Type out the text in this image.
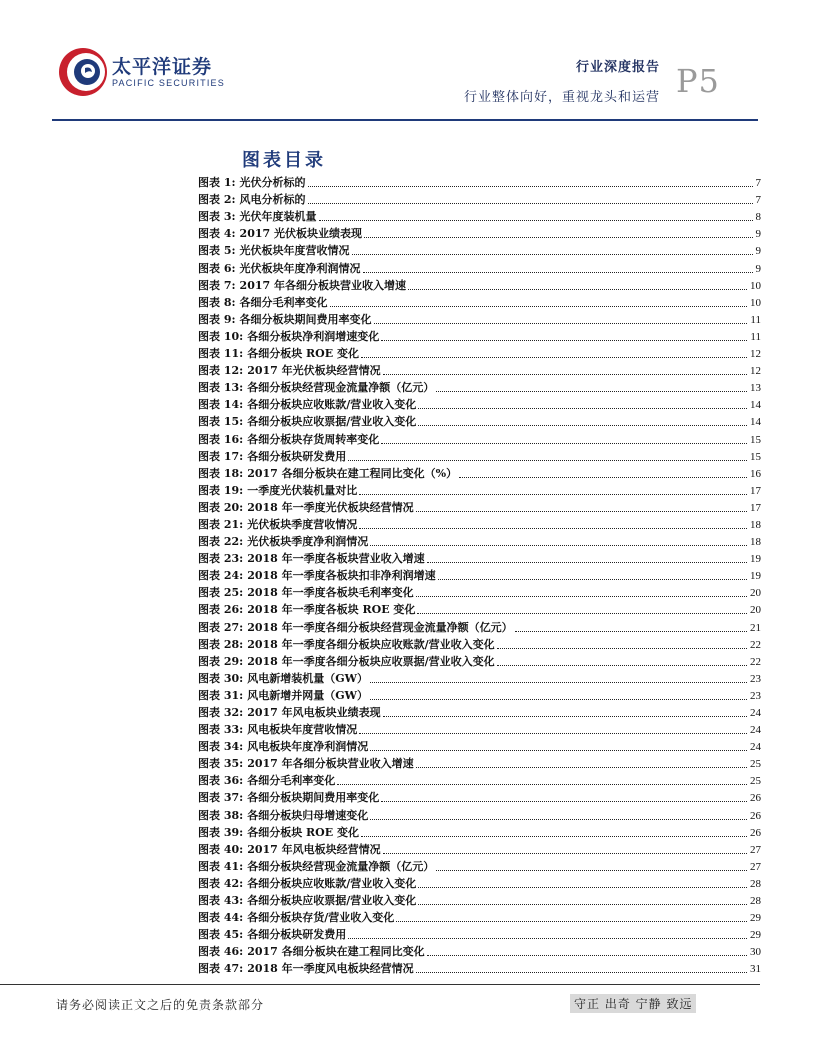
太平洋证券
PACIFIC SECURITIES
行业深度报告
行业整体向好，重视龙头和运营 P5
图表目录
图表 1: 光伏分析标的	7
图表 2: 风电分析标的	7
图表 3: 光伏年度装机量	8
图表 4: 2017 光伏板块业绩表现	9
图表 5: 光伏板块年度营收情况	9
图表 6: 光伏板块年度净利润情况	9
图表 7: 2017 年各细分板块营业收入增速	10
图表 8: 各细分毛利率变化	10
图表 9: 各细分板块期间费用率变化	11
图表 10: 各细分板块净利润增速变化	11
图表 11: 各细分板块 ROE 变化	12
图表 12: 2017 年光伏板块经营情况	12
图表 13: 各细分板块经营现金流量净额（亿元）	13
图表 14: 各细分板块应收账款/营业收入变化	14
图表 15: 各细分板块应收票据/营业收入变化	14
图表 16: 各细分板块存货周转率变化	15
图表 17: 各细分板块研发费用	15
图表 18: 2017 各细分板块在建工程同比变化（%）	16
图表 19: 一季度光伏装机量对比	17
图表 20: 2018 年一季度光伏板块经营情况	17
图表 21: 光伏板块季度营收情况	18
图表 22: 光伏板块季度净利润情况	18
图表 23: 2018 年一季度各板块营业收入增速	19
图表 24: 2018 年一季度各板块扣非净利润增速	19
图表 25: 2018 年一季度各板块毛利率变化	20
图表 26: 2018 年一季度各板块 ROE 变化	20
图表 27: 2018 年一季度各细分板块经营现金流量净额（亿元）	21
图表 28: 2018 年一季度各细分板块应收账款/营业收入变化	22
图表 29: 2018 年一季度各细分板块应收票据/营业收入变化	22
图表 30: 风电新增装机量（GW）	23
图表 31: 风电新增并网量（GW）	23
图表 32: 2017 年风电板块业绩表现	24
图表 33: 风电板块年度营收情况	24
图表 34: 风电板块年度净利润情况	24
图表 35: 2017 年各细分板块营业收入增速	25
图表 36: 各细分毛利率变化	25
图表 37: 各细分板块期间费用率变化	26
图表 38: 各细分板块归母增速变化	26
图表 39: 各细分板块 ROE 变化	26
图表 40: 2017 年风电板块经营情况	27
图表 41: 各细分板块经营现金流量净额（亿元）	27
图表 42: 各细分板块应收账款/营业收入变化	28
图表 43: 各细分板块应收票据/营业收入变化	28
图表 44: 各细分板块存货/营业收入变化	29
图表 45: 各细分板块研发费用	29
图表 46: 2017 各细分板块在建工程同比变化	30
图表 47: 2018 年一季度风电板块经营情况	31
请务必阅读正文之后的免责条款部分	守正 出奇 宁静 致远
